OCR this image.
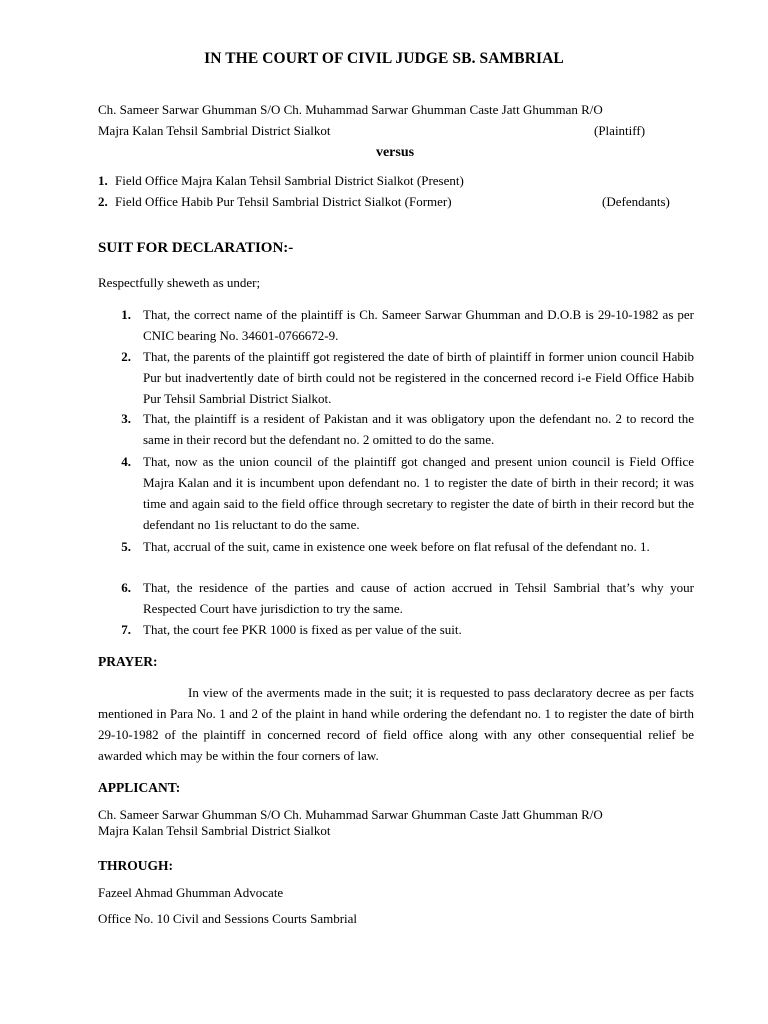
IN THE COURT OF CIVIL JUDGE SB. SAMBRIAL
Ch. Sameer Sarwar Ghumman S/O Ch. Muhammad Sarwar Ghumman Caste Jatt Ghumman R/O
Majra Kalan Tehsil Sambrial District Sialkot	(Plaintiff)
versus
1. Field Office Majra Kalan Tehsil Sambrial District Sialkot (Present)
2. Field Office Habib Pur Tehsil Sambrial District Sialkot (Former)	(Defendants)
SUIT FOR DECLARATION:-
Respectfully sheweth as under;
1. That, the correct name of the plaintiff is Ch. Sameer Sarwar Ghumman and D.O.B is 29-10-1982 as per CNIC bearing No. 34601-0766672-9.
2. That, the parents of the plaintiff got registered the date of birth of plaintiff in former union council Habib Pur but inadvertently date of birth could not be registered in the concerned record i-e Field Office Habib Pur Tehsil Sambrial District Sialkot.
3. That, the plaintiff is a resident of Pakistan and it was obligatory upon the defendant no. 2 to record the same in their record but the defendant no. 2 omitted to do the same.
4. That, now as the union council of the plaintiff got changed and present union council is Field Office Majra Kalan and it is incumbent upon defendant no. 1 to register the date of birth in their record; it was time and again said to the field office through secretary to register the date of birth in their record but the defendant no 1is reluctant to do the same.
5. That, accrual of the suit, came in existence one week before on flat refusal of the defendant no. 1.
6. That, the residence of the parties and cause of action accrued in Tehsil Sambrial that’s why your Respected Court have jurisdiction to try the same.
7. That, the court fee PKR 1000 is fixed as per value of the suit.
PRAYER:
In view of the averments made in the suit; it is requested to pass declaratory decree as per facts mentioned in Para No. 1 and 2 of the plaint in hand while ordering the defendant no. 1 to register the date of birth 29-10-1982 of the plaintiff in concerned record of field office along with any other consequential relief be awarded which may be within the four corners of law.
APPLICANT:
Ch. Sameer Sarwar Ghumman S/O Ch. Muhammad Sarwar Ghumman Caste Jatt Ghumman R/O
Majra Kalan Tehsil Sambrial District Sialkot
THROUGH:
Fazeel Ahmad Ghumman Advocate
Office No. 10 Civil and Sessions Courts Sambrial
